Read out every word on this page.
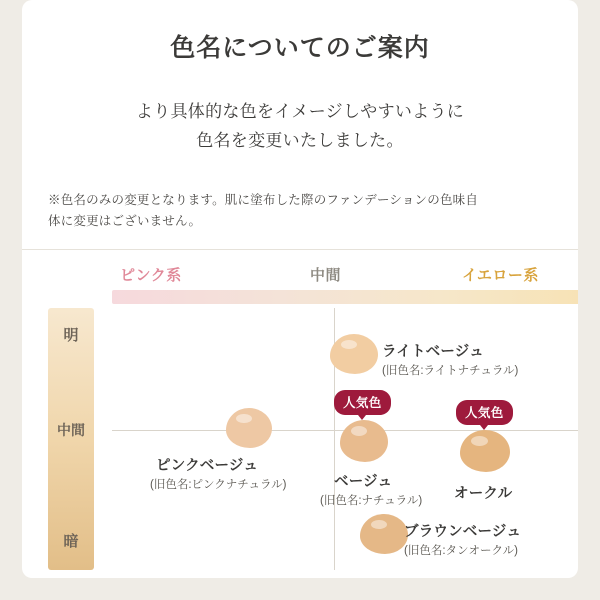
色名についてのご案内
より具体的な色をイメージしやすいように
色名を変更いたしました。
※色名のみの変更となります。肌に塗布した際のファンデーションの色味自
体に変更はございません。
ピンク系	中間	イエロー系
明
中間
暗
ライトベージュ
(旧色名:ライトナチュラル)
ピンクベージュ
(旧色名:ピンクナチュラル)
人気色
ベージュ
(旧色名:ナチュラル)
人気色
オークル
ブラウンベージュ
(旧色名:タンオークル)
